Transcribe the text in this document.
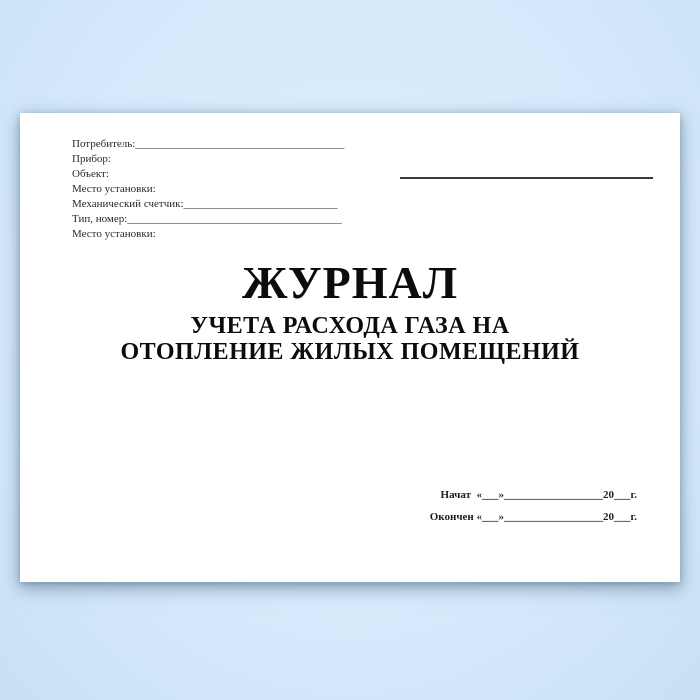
Потребитель:______________________________________
Прибор:
Объект:
Место установки:
Механический счетчик:____________________________
Тип, номер:_______________________________________
Место установки:
ЖУРНАЛ
УЧЕТА РАСХОДА ГАЗА НА
ОТОПЛЕНИЕ ЖИЛЫХ ПОМЕЩЕНИЙ
Начат  «___»__________________20___г.
Окончен «___»__________________20___г.
